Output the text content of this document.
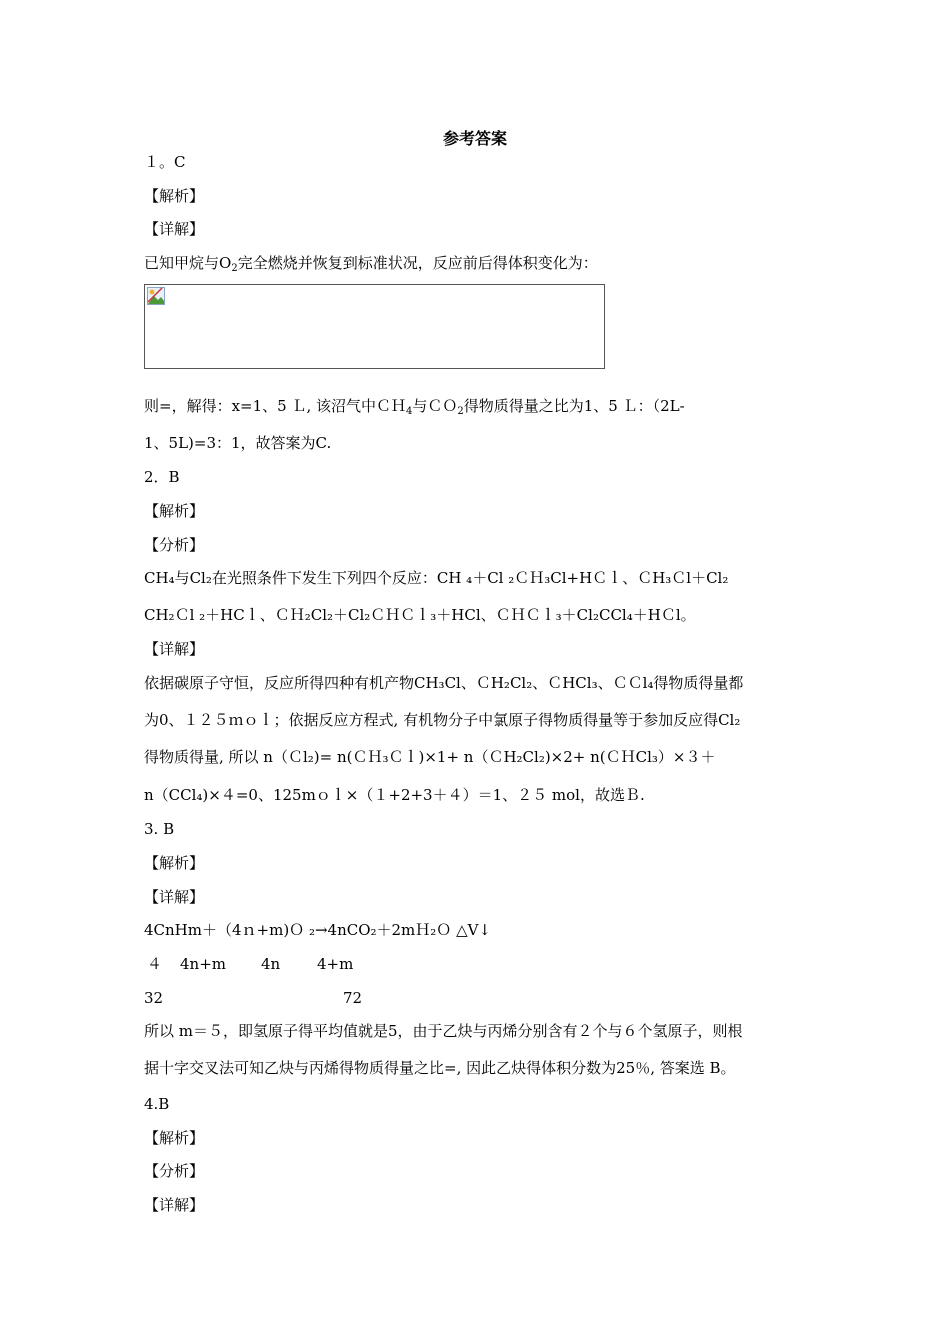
参考答案
１。C
【解析】
【详解】
已知甲烷与$O_2$完全燃烧并恢复到标准状况，反应前后得体积变化为：
则=，解得：x=1、5 Ｌ, 该沼气中ＣＨ$_4$与ＣＯ$_2$得物质得量之比为1、5 Ｌ：（2L-
1、5L)=3：1，故答案为C.
2．B
【解析】
【分析】
CH₄与Cl₂在光照条件下发生下列四个反应：CH ₄＋Cl ₂ＣＨ₃Cl+HＣｌ、ＣH₃Ｃl＋Cl₂
CH₂Ｃl ₂＋HCｌ、ＣＨ₂Cl₂＋Cl₂ＣＨＣｌ₃＋HCl、ＣＨＣｌ₃＋Cl₂CCl₄＋HＣl。
【详解】
依据碳原子守恒，反应所得四种有机产物CH₃Cl、ＣH₂Cl₂、ＣHCl₃、ＣＣl₄得物质得量都
为0、１２５ｍｏｌ；依据反应方程式, 有机物分子中氯原子得物质得量等于参加反应得Cl₂
得物质得量, 所以 n（Ｃl₂)= n(ＣＨ₃Ｃｌ)×1+ n（ＣH₂Cl₂)×2+ n(ＣＨCl₃）×３＋
n（CCl₄)×４=0、125mｏｌ×（１+2+3＋４）＝1、２５ mol，故选Ｂ.
3. B
【解析】
【详解】
4CnHm＋（4ｎ+m)Ｏ ₂→4nCO₂＋2mＨ₂Ｏ △V↓
４ 4n+m 4n 4+m
32	72
所以 m＝５，即氢原子得平均值就是5，由于乙炔与丙烯分别含有２个与６个氢原子，则根
据十字交叉法可知乙炔与丙烯得物质得量之比=, 因此乙炔得体积分数为25％, 答案选 B。
4.B
【解析】
【分析】
【详解】
